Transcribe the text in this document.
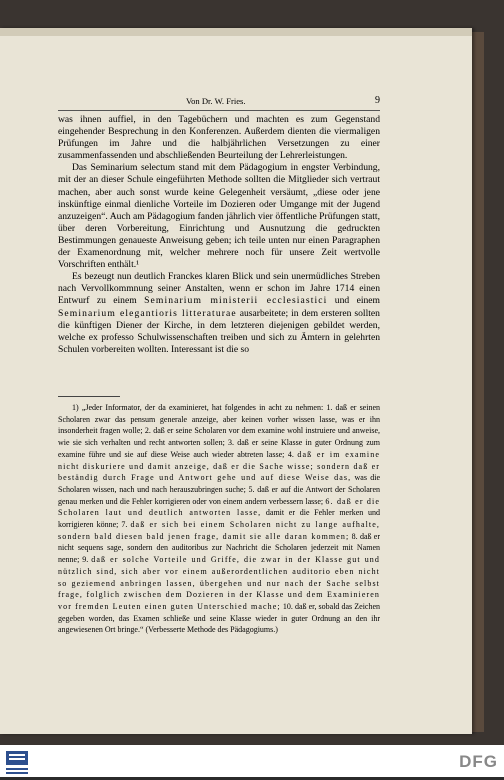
Von Dr. W. Fries.	9

was ihnen auffiel, in den Tagebüchern und machten es zum Gegenstand eingehender Besprechung in den Konferenzen. Außerdem dienten die viermaligen Prüfungen im Jahre und die halbjährlichen Versetzungen zu einer zusammenfassenden und abschließenden Beurteilung der Lehrerleistungen.

Das Seminarium selectum stand mit dem Pädagogium in engster Verbindung, mit der an dieser Schule eingeführten Methode sollten die Mitglieder sich vertraut machen, aber auch sonst wurde keine Gelegenheit versäumt, „diese oder jene inskünftige einmal dienliche Vorteile im Dozieren oder Umgange mit der Jugend anzuzeigen“. Auch am Pädagogium fanden jährlich vier öffentliche Prüfungen statt, über deren Vorbereitung, Einrichtung und Ausnutzung die gedruckten Bestimmungen genaueste Anweisung geben; ich teile unten nur einen Paragraphen der Examenordnung mit, welcher mehrere noch für unsere Zeit wertvolle Vorschriften enthält.¹

Es bezeugt nun deutlich Franckes klaren Blick und sein unermüdliches Streben nach Vervollkommnung seiner Anstalten, wenn er schon im Jahre 1714 einen Entwurf zu einem Seminarium ministerii ecclesiastici und einem Seminarium elegantioris litteraturae ausarbeitete; in dem ersteren sollten die künftigen Diener der Kirche, in dem letzteren diejenigen gebildet werden, welche ex professo Schulwissenschaften treiben und sich zu Ämtern in gelehrten Schulen vorbereiten wollten. Interessant ist die so

1) „Jeder Informator, der da examinieret, hat folgendes in acht zu nehmen: 1. daß er seinen Scholaren zwar das pensum generale anzeige, aber keinen vorher wissen lasse, was er ihn insonderheit fragen wolle; 2. daß er seine Scholaren vor dem examine wohl instruiere und anweise, wie sie sich verhalten und recht antworten sollen; 3. daß er seine Klasse in guter Ordnung zum examine führe und sie auf diese Weise auch wieder abtreten lasse; 4. daß er im examine nicht diskuriere und damit anzeige, daß er die Sache wisse; sondern daß er beständig durch Frage und Antwort gehe und auf diese Weise das, was die Scholaren wissen, nach und nach herauszubringen suche; 5. daß er auf die Antwort der Scholaren genau merken und die Fehler korrigieren oder von einem andern verbessern lasse; 6. daß er die Scholaren laut und deutlich antworten lasse, damit er die Fehler merken und korrigieren könne; 7. daß er sich bei einem Scholaren nicht zu lange aufhalte, sondern bald diesen bald jenen frage, damit sie alle daran kommen; 8. daß er nicht sequens sage, sondern den auditoribus zur Nachricht die Scholaren jederzeit mit Namen nenne; 9. daß er solche Vorteile und Griffe, die zwar in der Klasse gut und nützlich sind, sich aber vor einem außerordentlichen auditorio eben nicht so geziemend anbringen lassen, übergehen und nur nach der Sache selbst frage, folglich zwischen dem Dozieren in der Klasse und dem Examinieren vor fremden Leuten einen guten Unterschied mache; 10. daß er, sobald das Zeichen gegeben worden, das Examen schließe und seine Klasse wieder in guter Ordnung an den ihr angewiesenen Ort bringe.“ (Verbesserte Methode des Pädagogiums.)

DFG
